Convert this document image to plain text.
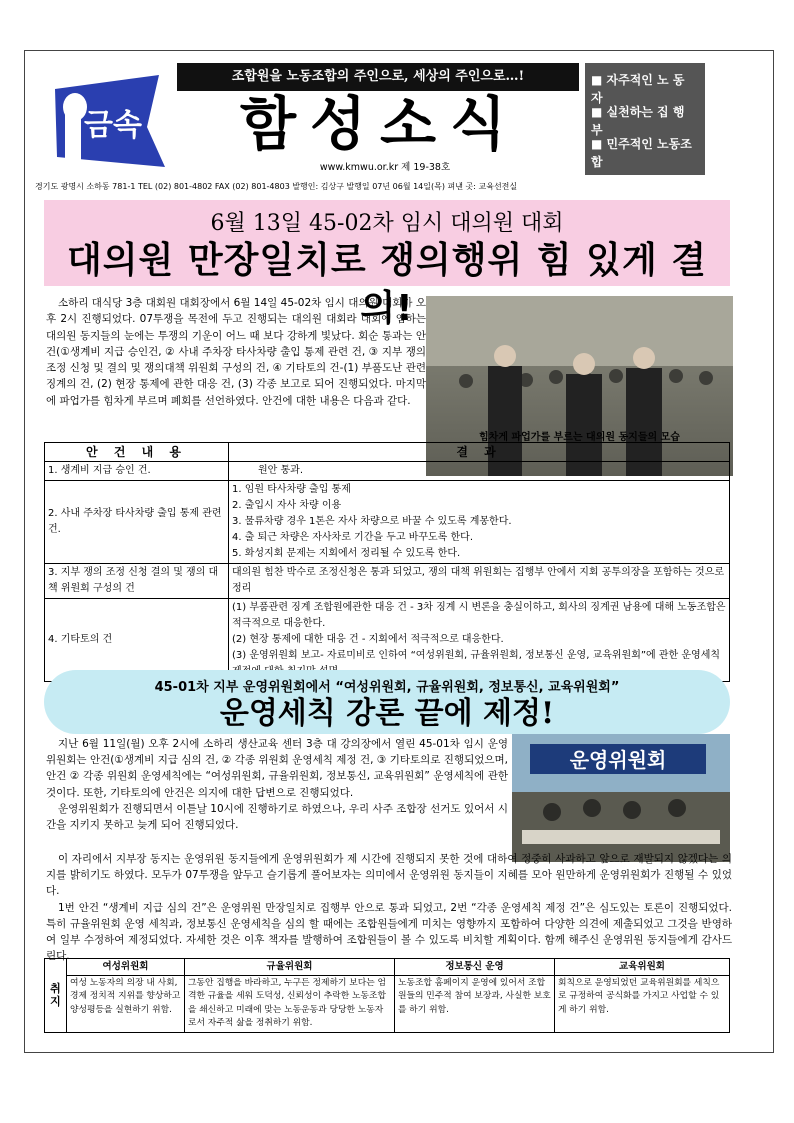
금속
조합원을 노동조합의 주인으로, 세상의 주인으로…!
함성소식
www.kmwu.or.kr 제 19-38호
■ 자주적인 노 동 자
■ 실천하는 집 행 부
■ 민주적인 노동조합
경기도 광명시 소하동 781-1 TEL (02) 801-4802 FAX (02) 801-4803 발행인: 김상구 발행일 07년 06월 14일(목) 펴낸 곳: 교육선전실
6월 13일 45-02차 임시 대의원 대회
대의원 만장일치로 쟁의행위 힘 있게 결의!
소하리 대식당 3층 대회원 대회장에서 6월 14일 45-02차 임시 대의원 대회가 오후 2시 진행되었다. 07투쟁을 목전에 두고 진행되는 대의원 대회라 대회에 임하는 대의원 동지들의 눈에는 투쟁의 기운이 어느 때 보다 강하게 빛났다. 회순 통과는 안건(①생계비 지급 승인건, ② 사내 주차장 타사차량 출입 통제 관련 건, ③ 지부 쟁의 조정 신청 및 결의 및 쟁의대책 위원회 구성의 건, ④ 기타토의 건-(1) 부품도난 관련 징계의 건, (2) 현장 통제에 관한 대응 건, (3) 각종 보고로 되어 진행되었다. 마지막에 파업가를 힘차게 부르며 폐회를 선언하였다. 안건에 대한 내용은 다음과 같다.
힘차게 파업가를 부르는 대의원 동지들의 모습
안 건 내 용	결 과
1. 생계비 지급 승인 건.	원안 통과.

2. 사내 주차장 타사차량 출입 통제 관련 건.	1. 임원 타사차량 출입 통제
2. 출입시 자사 차량 이용
3. 물류차량 경우 1톤은 자사 차량으로 바꿀 수 있도록 계몽한다.
4. 출 퇴근 차량은 자사차로 기간을 두고 바꾸도록 한다.
5. 화성지회 문제는 지회에서 정리될 수 있도록 한다.

3. 지부 쟁의 조정 신청 결의 및 쟁의 대책 위원회 구성의 건	대의원 힘찬 박수로 조정신청은 통과 되었고, 쟁의 대책 위원회는 집행부 안에서 지회 공투의장을 포함하는 것으로 정리
4. 기타토의 건	(1) 부품관련 징계 조합원에관한 대응 건 - 3차 징계 시 변론을 충실이하고, 회사의 징계권 남용에 대해 노동조합은 적극적으로 대응한다.
(2) 현장 통제에 대한 대응 건 - 지회에서 적극적으로 대응한다.
(3) 운영위원회 보고- 자료미비로 인하여 “여성위원회, 규율위원회, 정보통신 운영, 교육위원회”에 관한 운영세칙
45-01차 지부 운영위원회에서 “여성위원회, 규율위원회, 정보통신, 교육위원회”
운영세칙 강론 끝에 제정!

지난 6월 11일(월) 오후 2시에 소하리 생산교육 센터 3층 대 강의장에서 열린 45-01차 임시 운영위원회는 안건(①생계비 지급 심의 건, ② 각종 위원회 운영세칙 제정 건, ③ 기타토의로 진행되었으며, 안건 ② 각종 위원회 운영세칙에는 “여성위원회, 규율위원회, 정보통신, 교육위원회” 운영세칙에 관한 것이다. 또한, 기타토의에 안건은 의지에 대한 답변으로 진행되었다.

운영위원회가 진행되면서 이튿날 10시에 진행하기로 하였으나, 우리 사주 조합장 선거도 있어서 시간을 지키지 못하고 늦게 되어 진행되었다.

운영위원회

이 자리에서 지부장 동지는 운영위원 동지들에게 운영위원회가 제 시간에 진행되지 못한 것에 대하여 정중히 사과하고 앞으로 재발되지 않겠다는 의지를 밝히기도 하였다. 모두가 07투쟁을 앞두고 슬기롭게 풀어보자는 의미에서 운영위원 동지들이 지혜를 모아 원만하게 운영위원회가 진행될 수 있었다.

1번 안건 “생계비 지급 심의 건”은 운영위원 만장일치로 집행부 안으로 통과 되었고, 2번 “각종 운영세칙 제정 건”은 심도있는 토론이 진행되었다. 특히 규율위원회 운영 세칙과, 정보통신 운영세칙을 심의 할 때에는 조합원들에게 미치는 영향까지 포함하여 다양한 의견에 제출되었고 그것을 반영하여 일부 수정하여 제정되었다. 자세한 것은 이후 책자를 발행하여 조합원들이 볼 수 있도록 비치할 계획이다. 함께 해주신 운영위원 동지들에게 감사드린다.

취지	여성위원회	규율위원회	정보통신 운영	교육위원회
	여성 노동자의 의장 내 사회, 경제 정치적 지위를 향상하고 양성평등을 실현하기 위함.	그동안 집행을 바라하고, 누구든 정제하기 보다는 엄격한 규율을 세워 도덕성, 신뢰성이 추락한 노동조합을 쇄신하고 미래에 맞는 노동운동과 당당한 노동자로서 자주적 삶을 정취하기 위함.	노동조합 홈페이지 운영에 있어서 조합원들의 민주적 참여 보장과, 사실한 보호를 하기 위함.	회칙으로 운영되었던 교육위원회를 세칙으로 규정하여 공식화를 가지고 사업할 수 있게 하기 위함.
